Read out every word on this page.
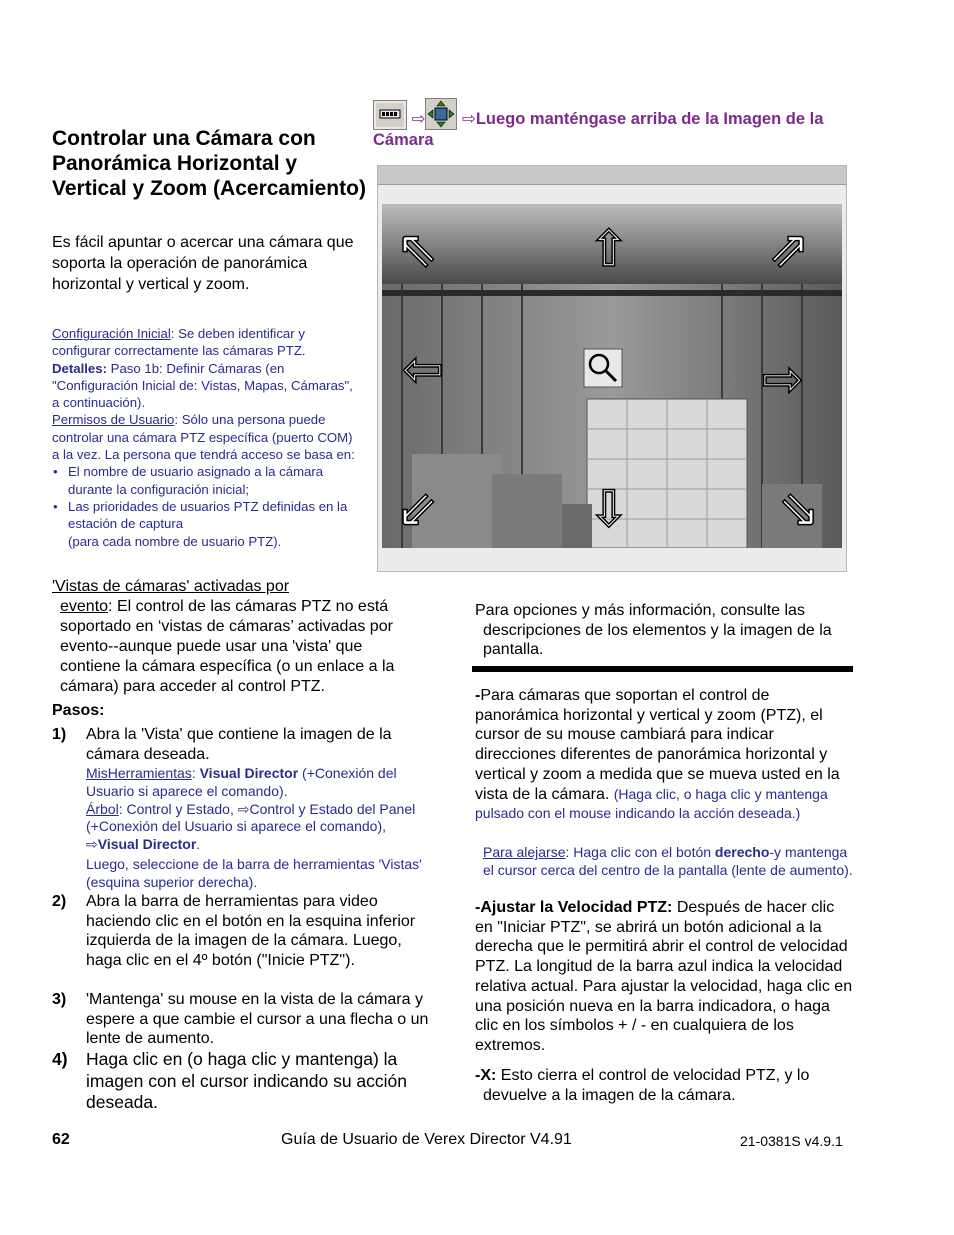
Controlar una Cámara con Panorámica Horizontal y Vertical y Zoom (Acercamiento)
Es fácil apuntar o acercar una cámara que soporta la operación de panorámica horizontal y vertical y zoom.

Configuración Inicial: Se deben identificar y configurar correctamente las cámaras PTZ.

Detalles: Paso 1b: Definir Cámaras (en "Configuración Inicial de: Vistas, Mapas, Cámaras", a continuación).

Permisos de Usuario: Sólo una persona puede controlar una cámara PTZ específica (puerto COM) a la vez. La persona que tendrá acceso se basa en:

• El nombre de usuario asignado a la cámara durante la configuración inicial;
• Las prioridades de usuarios PTZ definidas en la estación de captura
(para cada nombre de usuario PTZ).
'Vistas de cámaras' activadas por
evento: El control de las cámaras PTZ no está soportado en ‘vistas de cámaras’ activadas por evento--aunque puede usar una 'vista' que contiene la cámara específica (o un enlace a la cámara) para acceder al control PTZ.
Pasos:
1) Abra la 'Vista' que contiene la imagen de la cámara deseada.
MisHerramientas: Visual Director (+Conexión del Usuario si aparece el comando).
Árbol: Control y Estado, ⇨Control y Estado del Panel (+Conexión del Usuario si aparece el comando), ⇨Visual Director.
Luego, seleccione de la barra de herramientas 'Vistas' (esquina superior derecha).
2) Abra la barra de herramientas para video haciendo clic en el botón en la esquina inferior izquierda de la imagen de la cámara. Luego, haga clic en el 4º botón ("Inicie PTZ").
3) 'Mantenga' su mouse en la vista de la cámara y espere a que cambie el cursor a una flecha o un lente de aumento.
4) Haga clic en (o haga clic y mantenga) la imagen con el cursor indicando su acción deseada.
⇨ ⇨Luego manténgase arriba de la Imagen de la Cámara
⇖	⇧	⇗
⇦	⇨
⇙	⇩	⇘
Para opciones y más información, consulte las descripciones de los elementos y la imagen de la pantalla.
-Para cámaras que soportan el control de panorámica horizontal y vertical y zoom (PTZ), el cursor de su mouse cambiará para indicar direcciones diferentes de panorámica horizontal y vertical y zoom a medida que se mueva usted en la vista de la cámara. (Haga clic, o haga clic y mantenga pulsado con el mouse indicando la acción deseada.)
Para alejarse: Haga clic con el botón derecho-y mantenga el cursor cerca del centro de la pantalla (lente de aumento).
-Ajustar la Velocidad PTZ: Después de hacer clic en "Iniciar PTZ", se abrirá un botón adicional a la derecha que le permitirá abrir el control de velocidad PTZ. La longitud de la barra azul indica la velocidad relativa actual. Para ajustar la velocidad, haga clic en una posición nueva en la barra indicadora, o haga clic en los símbolos + / - en cualquiera de los extremos.
-X: Esto cierra el control de velocidad PTZ, y lo devuelve a la imagen de la cámara.
62	Guía de Usuario de Verex Director V4.91	21-0381S v4.9.1
